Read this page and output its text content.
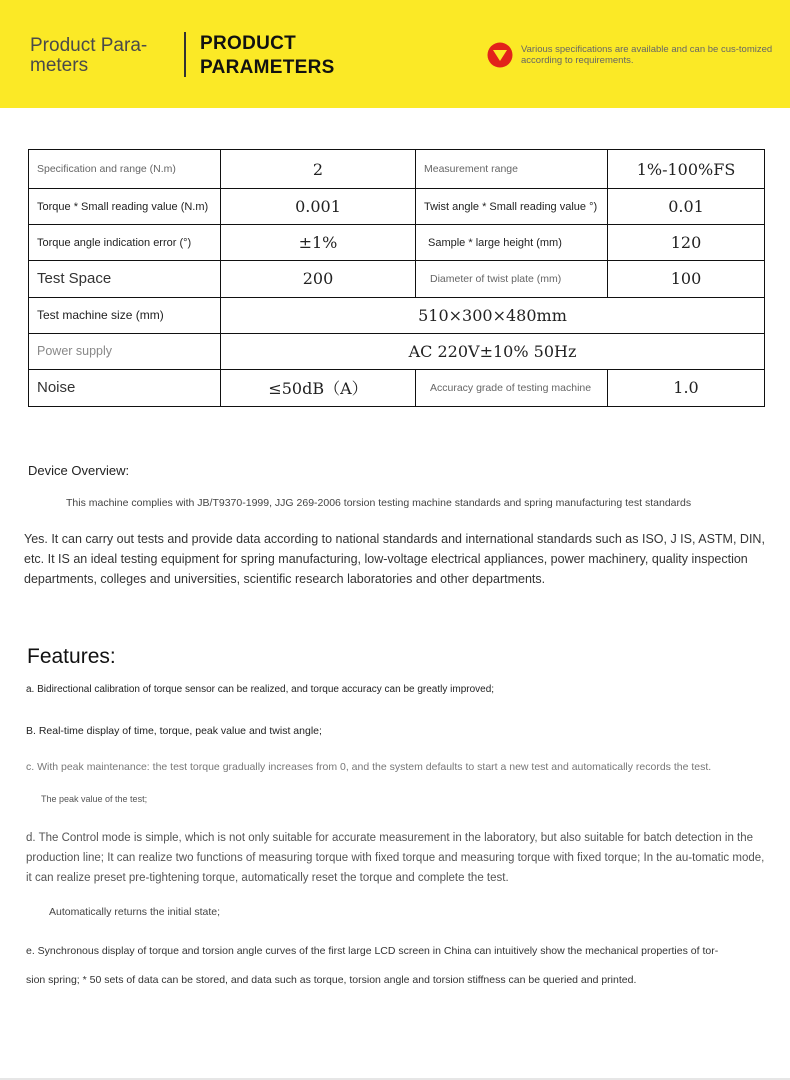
Product Para-meters
PRODUCT PARAMETERS
Various specifications are available and can be cus-tomized according to requirements.
Specification and range (N.m)	2	Measurement range	1%-100%FS
Torque * Small reading value (N.m)	0.001	Twist angle * Small reading value °)	0.01
Torque angle indication error (°)	±1%	Sample * large height (mm)	120
Test Space	200	Diameter of twist plate (mm)	100
Test machine size (mm)	510×300×480mm		
Power supply	AC 220V±10% 50Hz		
Noise	≤50dB（A）	Accuracy grade of testing machine	1.0
Device Overview:
This machine complies with JB/T9370-1999, JJG 269-2006 torsion testing machine standards and spring manufacturing test standards
Yes. It can carry out tests and provide data according to national standards and international standards such as ISO, J IS, ASTM, DIN, etc. It IS an ideal testing equipment for spring manufacturing, low-voltage electrical appliances, power machinery, quality inspection departments, colleges and universities, scientific research laboratories and other departments.
Features:
a. Bidirectional calibration of torque sensor can be realized, and torque accuracy can be greatly improved;
B. Real-time display of time, torque, peak value and twist angle;
c. With peak maintenance: the test torque gradually increases from 0, and the system defaults to start a new test and automatically records the test.
The peak value of the test;
d. The Control mode is simple, which is not only suitable for accurate measurement in the laboratory, but also suitable for batch detection in the production line; It can realize two functions of measuring torque with fixed torque and measuring torque with fixed torque; In the au-tomatic mode, it can realize preset pre-tightening torque, automatically reset the torque and complete the test.
Automatically returns the initial state;
e. Synchronous display of torque and torsion angle curves of the first large LCD screen in China can intuitively show the mechanical properties of tor-
sion spring; * 50 sets of data can be stored, and data such as torque, torsion angle and torsion stiffness can be queried and printed.
